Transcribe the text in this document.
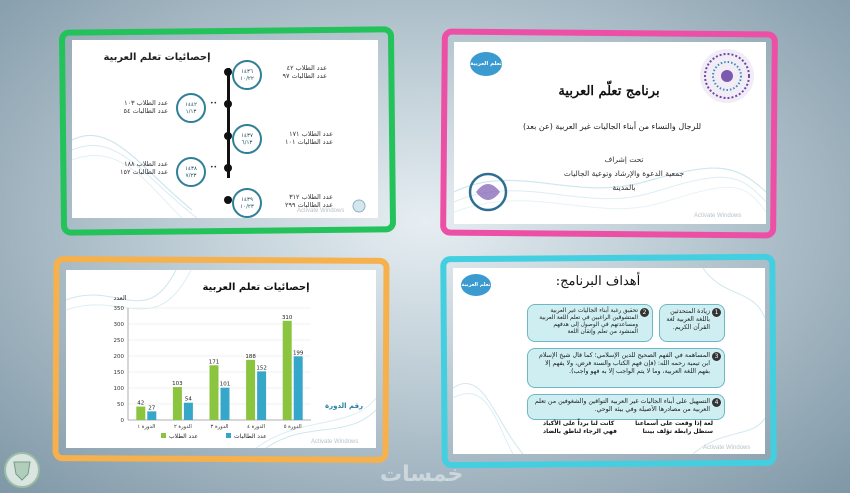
إحصائيات تعلم العربية
١٤٣٦
١٠/٢٢
عدد الطلاب ٤٢
عدد الطالبات ٩٧
١٤٤٢
١/١٣
••
عدد الطلاب ١٠٣
عدد الطالبات ٥٤
١٤٣٧
٦/١٣
عدد الطلاب ١٧١
عدد الطالبات ١٠١
١٤٣٨
٧/٢٣
••
عدد الطلاب ١٨٨
عدد الطالبات ١٥٢
١٤٣٩
١٠/٢٣
عدد الطلاب ٣١٢
عدد الطالبات ٢٩٩
Activate Windows
تعلم العربية
برنامج تعلّم العربية
للرجال والنساء من أبناء الجاليات غير العربية (عن بعد)
تحت إشراف
جمعية الدعوة والإرشاد وتوعية الجاليات
بالمدينة
Activate Windows
0
50
100
150
200
250
300
350
العدد
رقم الدورة
42
27
الدورة ١
103
54
الدورة ٢
171
101
الدورة ٣
188
152
الدورة ٤
310
199
الدورة ٥
عدد الطلاب	عدد الطالبات
إحصائيات تعلم العربية
Activate Windows
تعلم العربية	أهداف البرنامج:
1
زيادة المتحدثين باللغة العربية لغة القرآن الكريم.
2
تحقيق رغبة أبناء الجاليات غير العربية المتشوقين الراغبين في تعلم اللغة العربية ومساعدتهم في الوصول إلى هدفهم المنشود من تعلم وإتقان اللغة
3
المساهمة في الفهم الصحيح للدين الإسلامي؛ كما قال شيخ الإسلام ابن تيمية رحمه الله: (فإن فهم الكتاب والسنة فرض، ولا يفهم إلا بفهم اللغة العربية، وما لا يتم الواجب إلا به فهو واجب).
4
التسهيل على أبناء الجاليات غير العربية التواقين والشغوفين من تعلم العربية من مصادرها الأصيلة وفي بيئة الوحي.
لغة إذا وقعت على أسماعنا
كانت لنا برداً على الأكباد
ستظل رابطة تؤلف بيننا
فهي الرجاء لناطق بالضاد
Activate Windows
خمسات
